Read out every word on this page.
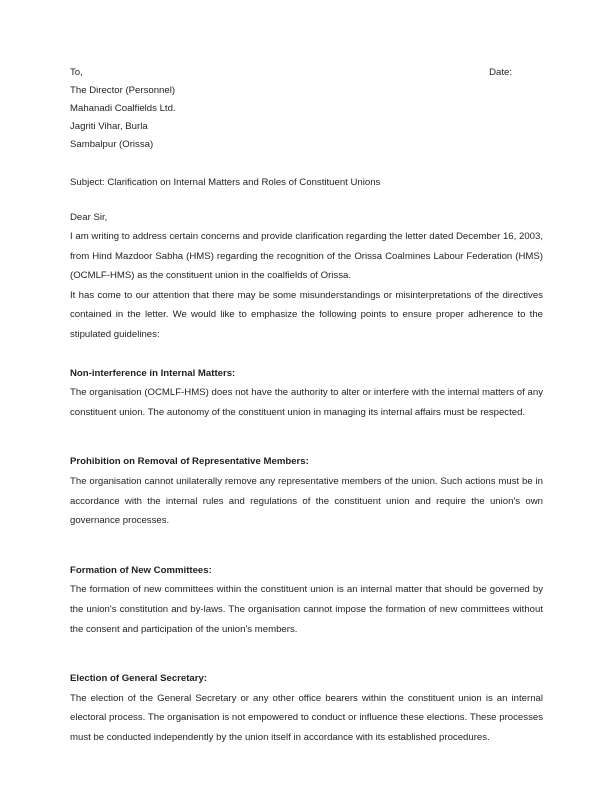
To,	Date:
The Director (Personnel)
Mahanadi Coalfields Ltd.
Jagriti Vihar, Burla
Sambalpur (Orissa)
Subject: Clarification on Internal Matters and Roles of Constituent Unions
Dear Sir,

I am writing to address certain concerns and provide clarification regarding the letter dated December 16, 2003, from Hind Mazdoor Sabha (HMS) regarding the recognition of the Orissa Coalmines Labour Federation (HMS) (OCMLF-HMS) as the constituent union in the coalfields of Orissa.

It has come to our attention that there may be some misunderstandings or misinterpretations of the directives contained in the letter. We would like to emphasize the following points to ensure proper adherence to the stipulated guidelines:

Non-interference in Internal Matters:

The organisation (OCMLF-HMS) does not have the authority to alter or interfere with the internal matters of any constituent union. The autonomy of the constituent union in managing its internal affairs must be respected.

Prohibition on Removal of Representative Members:

The organisation cannot unilaterally remove any representative members of the union. Such actions must be in accordance with the internal rules and regulations of the constituent union and require the union's own governance processes.

Formation of New Committees:

The formation of new committees within the constituent union is an internal matter that should be governed by the union's constitution and by-laws. The organisation cannot impose the formation of new committees without the consent and participation of the union's members.

Election of General Secretary:

The election of the General Secretary or any other office bearers within the constituent union is an internal electoral process. The organisation is not empowered to conduct or influence these elections. These processes must be conducted independently by the union itself in accordance with its established procedures.
